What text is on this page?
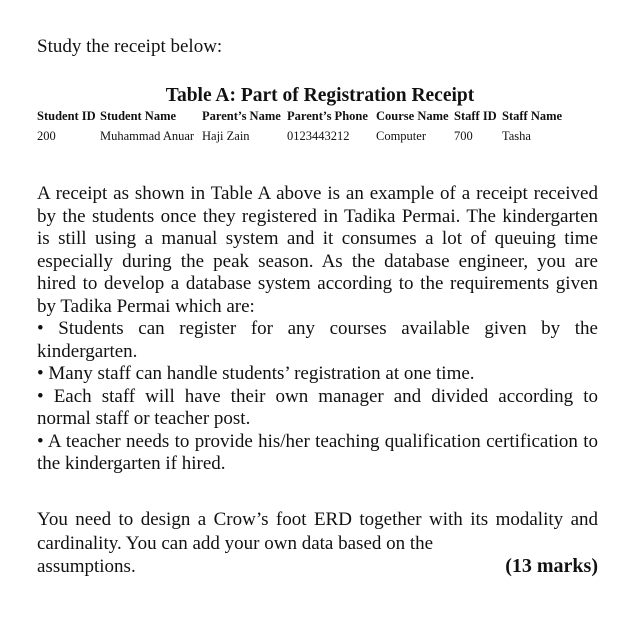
Study the receipt below:
Table A: Part of Registration Receipt
Student ID	Student Name	Parent’s Name	Parent’s Phone	Course Name	Staff ID	Staff Name
200	Muhammad Anuar	Haji Zain	0123443212	Computer	700	Tasha

A receipt as shown in Table A above is an example of a receipt received by the students once they registered in Tadika Permai. The kindergarten is still using a manual system and it consumes a lot of queuing time especially during the peak season. As the database engineer, you are hired to develop a database system according to the requirements given by Tadika Permai which are:

• Students can register for any courses available given by the kindergarten.

• Many staff can handle students’ registration at one time.

• Each staff will have their own manager and divided according to normal staff or teacher post.

• A teacher needs to provide his/her teaching qualification certification to the kindergarten if hired.

You need to design a Crow’s foot ERD together with its modality and cardinality. You can add your own data based on the
assumptions.	(13 marks)
